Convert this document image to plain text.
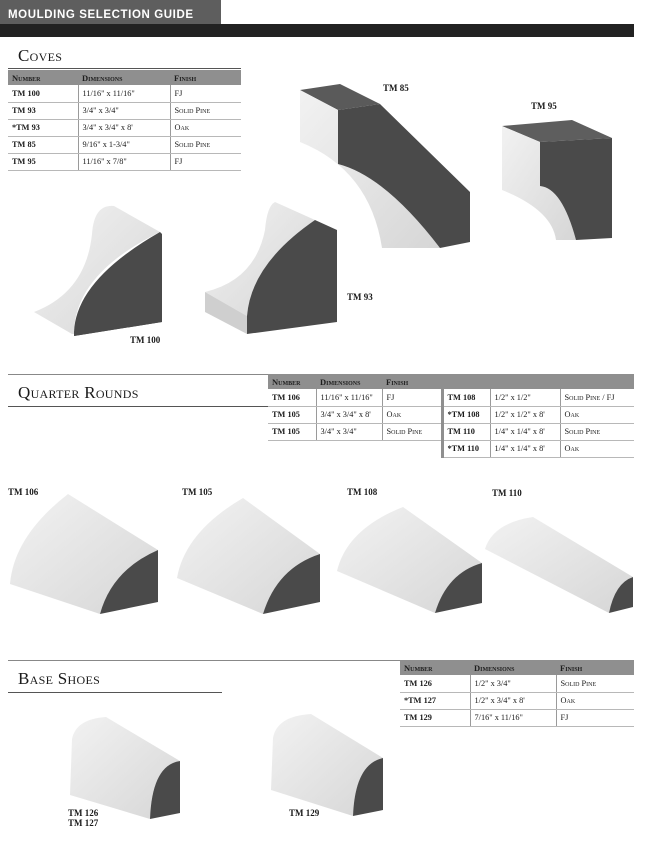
MOULDING SELECTION GUIDE
Coves
Number	Dimensions	Finish
TM 100	11/16" x 11/16"	FJ
TM 93	3/4" x 3/4"	Solid Pine
*TM 93	3/4" x 3/4" x 8'	Oak
TM 85	9/16" x 1-3/4"	Solid Pine
TM 95	11/16" x 7/8"	FJ
TM 85
TM 95
TM 100
TM 93
Quarter Rounds
Number	Dimensions	Finish			
TM 106	11/16" x 11/16"	FJ	TM 108	1/2" x 1/2"	Solid Pine / FJ
TM 105	3/4" x 3/4" x 8'	Oak	*TM 108	1/2" x 1/2" x 8'	Oak
TM 105	3/4" x 3/4"	Solid Pine	TM 110	1/4" x 1/4" x 8'	Solid Pine
			*TM 110	1/4" x 1/4" x 8'	Oak
TM 106	TM 105	TM 108	TM 110
Base Shoes
Number	Dimensions	Finish
TM 126	1/2" x 3/4"	Solid Pine
*TM 127	1/2" x 3/4" x 8'	Oak
TM 129	7/16" x 11/16"	FJ
TM 126
TM 127
TM 129
